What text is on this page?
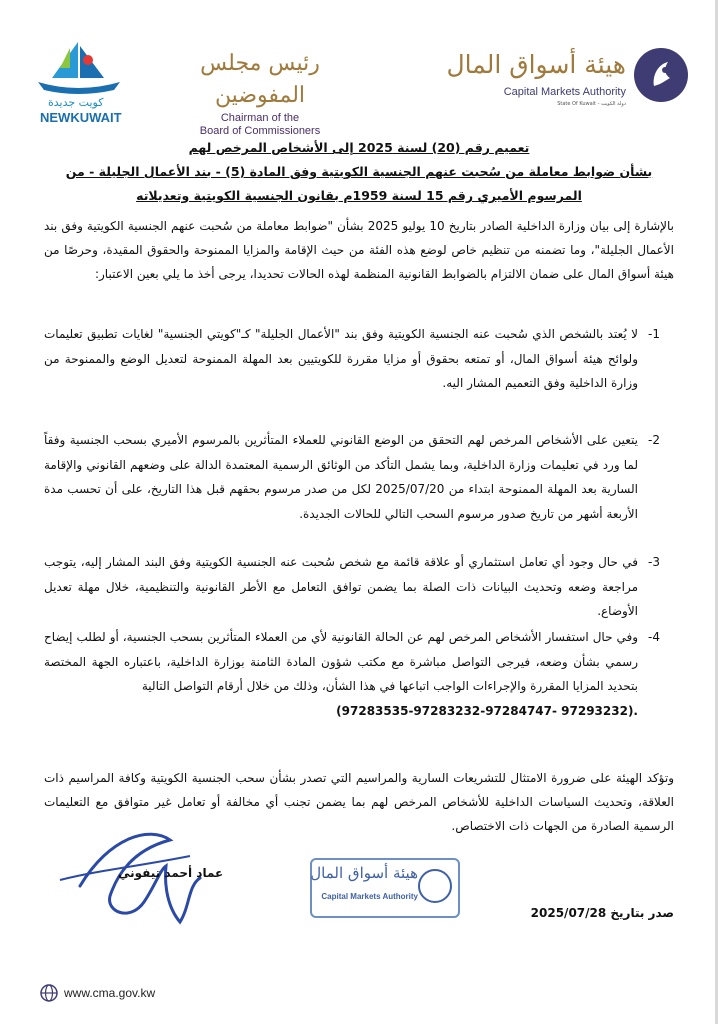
هيئة أسواق المال
Capital Markets Authority
State Of Kuwait - دولة الكويت
رئيس مجلس المفوضين
Chairman of the
Board of Commissioners
كويت جديدة
NEWKUWAIT
تعميم رقم (20) لسنة 2025 إلى الأشخاص المرخص لهم
بشأن ضوابط معاملة من سُحبت عنهم الجنسية الكويتية وفق المادة (5) - بند الأعمال الجليلة - من
المرسوم الأميري رقم 15 لسنة 1959م بقانون الجنسية الكويتية وتعديلاته
بالإشارة إلى بيان وزارة الداخلية الصادر بتاريخ 10 يوليو 2025 بشأن "ضوابط معاملة من سُحبت عنهم الجنسية الكويتية وفق بند الأعمال الجليلة"، وما تضمنه من تنظيم خاص لوضع هذه الفئة من حيث الإقامة والمزايا الممنوحة والحقوق المقيدة، وحرصًا من هيئة أسواق المال على ضمان الالتزام بالضوابط القانونية المنظمة لهذه الحالات تحديدا، يرجى أخذ ما يلي بعين الاعتبار:
-1
لا يُعتد بالشخص الذي سُحبت عنه الجنسية الكويتية وفق بند "الأعمال الجليلة" كـ"كويتي الجنسية" لغايات تطبيق تعليمات ولوائح هيئة أسواق المال، أو تمتعه بحقوق أو مزايا مقررة للكويتيين بعد المهلة الممنوحة لتعديل الوضع والممنوحة من وزارة الداخلية وفق التعميم المشار اليه.
-2
يتعين على الأشخاص المرخص لهم التحقق من الوضع القانوني للعملاء المتأثرين بالمرسوم الأميري بسحب الجنسية وفقاً لما ورد في تعليمات وزارة الداخلية، وبما يشمل التأكد من الوثائق الرسمية المعتمدة الدالة على وضعهم القانوني والإقامة السارية بعد المهلة الممنوحة ابتداء من 2025/07/20 لكل من صدر مرسوم بحقهم قبل هذا التاريخ، على أن تحسب مدة الأربعة أشهر من تاريخ صدور مرسوم السحب التالي للحالات الجديدة.
-3
في حال وجود أي تعامل استثماري أو علاقة قائمة مع شخص سُحبت عنه الجنسية الكويتية وفق البند المشار إليه، يتوجب مراجعة وضعه وتحديث البيانات ذات الصلة بما يضمن توافق التعامل مع الأطر القانونية والتنظيمية، خلال مهلة تعديل الأوضاع.
-4
وفي حال استفسار الأشخاص المرخص لهم عن الحالة القانونية لأي من العملاء المتأثرين بسحب الجنسية، أو لطلب إيضاح رسمي بشأن وضعه، فيرجى التواصل مباشرة مع مكتب شؤون المادة الثامنة بوزارة الداخلية، باعتباره الجهة المختصة بتحديد المزايا المقررة والإجراءات الواجب اتباعها في هذا الشأن، وذلك من خلال أرقام التواصل التالية
(97283535-97283232-97284747- 97293232).
وتؤكد الهيئة على ضرورة الامتثال للتشريعات السارية والمراسيم التي تصدر بشأن سحب الجنسية الكويتية وكافة المراسيم ذات العلاقة، وتحديث السياسات الداخلية للأشخاص المرخص لهم بما يضمن تجنب أي مخالفة أو تعامل غير متوافق مع التعليمات الرسمية الصادرة من الجهات ذات الاختصاص.
عماد أحمد تيفوني	هيئة أسواق المال
Capital Markets Authority
صدر بتاريخ 2025/07/28
www.cma.gov.kw
